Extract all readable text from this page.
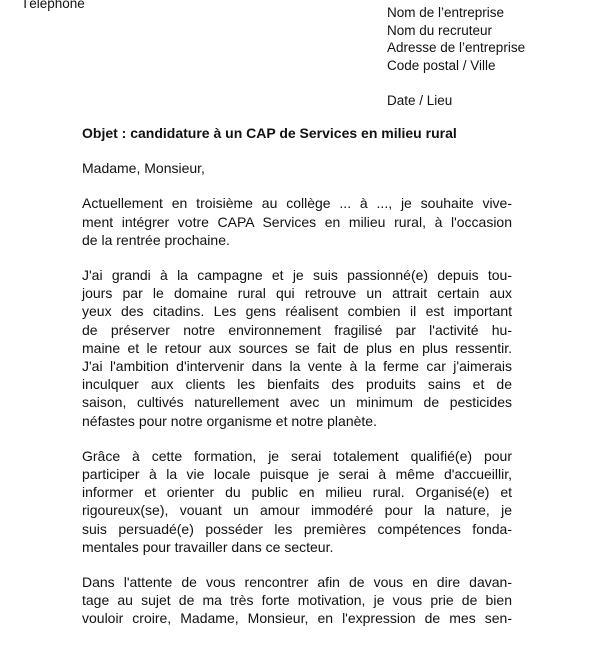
Téléphone
Nom de l’entreprise
Nom du recruteur
Adresse de l’entreprise
Code postal / Ville
Date / Lieu
Objet : candidature à un CAP de Services en milieu rural
Madame, Monsieur,
Actuellement en troisième au collège ... à ..., je souhaite vive-
ment intégrer votre CAPA Services en milieu rural, à l'occasion
de la rentrée prochaine.
J'ai grandi à la campagne et je suis passionné(e) depuis tou-
jours par le domaine rural qui retrouve un attrait certain aux
yeux des citadins. Les gens réalisent combien il est important
de préserver notre environnement fragilisé par l'activité hu-
maine et le retour aux sources se fait de plus en plus ressentir.
J'ai l'ambition d'intervenir dans la vente à la ferme car j'aimerais
inculquer aux clients les bienfaits des produits sains et de
saison, cultivés naturellement avec un minimum de pesticides
néfastes pour notre organisme et notre planète.
Grâce à cette formation, je serai totalement qualifié(e) pour
participer à la vie locale puisque je serai à même d'accueillir,
informer et orienter du public en milieu rural. Organisé(e) et
rigoureux(se), vouant un amour immodéré pour la nature, je
suis persuadé(e) posséder les premières compétences fonda-
mentales pour travailler dans ce secteur.
Dans l'attente de vous rencontrer afin de vous en dire davan-
tage au sujet de ma très forte motivation, je vous prie de bien
vouloir croire, Madame, Monsieur, en l'expression de mes sen-
